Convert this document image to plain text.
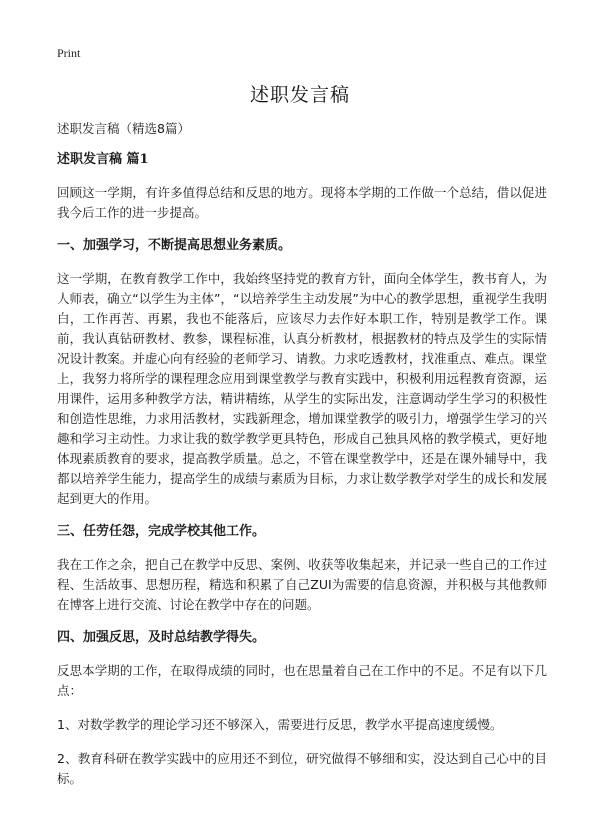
Print
述职发言稿
述职发言稿（精选8篇）
述职发言稿 篇1
回顾这一学期，有许多值得总结和反思的地方。现将本学期的工作做一个总结，借以促进我今后工作的进一步提高。
一、加强学习，不断提高思想业务素质。
这一学期，在教育教学工作中，我始终坚持党的教育方针，面向全体学生，教书育人，为人师表，确立“以学生为主体”，“以培养学生主动发展”为中心的教学思想，重视学生我明白，工作再苦、再累，我也不能落后，应该尽力去作好本职工作，特别是教学工作。课前，我认真钻研教材、教参，课程标准，认真分析教材，根据教材的特点及学生的实际情况设计教案。并虚心向有经验的老师学习、请教。力求吃透教材，找准重点、难点。课堂上，我努力将所学的课程理念应用到课堂教学与教育实践中，积极利用远程教育资源，运用课件，运用多种教学方法，精讲精练，从学生的实际出发，注意调动学生学习的积极性和创造性思维，力求用活教材，实践新理念，增加课堂教学的吸引力，增强学生学习的兴趣和学习主动性。力求让我的数学教学更具特色，形成自己独具风格的教学模式，更好地体现素质教育的要求，提高教学质量。总之，不管在课堂教学中，还是在课外辅导中，我都以培养学生能力，提高学生的成绩与素质为目标，力求让数学教学对学生的成长和发展起到更大的作用。
三、任劳任怨，完成学校其他工作。
我在工作之余，把自己在教学中反思、案例、收获等收集起来，并记录一些自己的工作过程、生活故事、思想历程，精选和积累了自己ZUI为需要的信息资源，并积极与其他教师在博客上进行交流、讨论在教学中存在的问题。
四、加强反思，及时总结教学得失。
反思本学期的工作，在取得成绩的同时，也在思量着自己在工作中的不足。不足有以下几点：
1、对数学教学的理论学习还不够深入，需要进行反思，教学水平提高速度缓慢。
2、教育科研在教学实践中的应用还不到位，研究做得不够细和实，没达到自己心中的目标。
